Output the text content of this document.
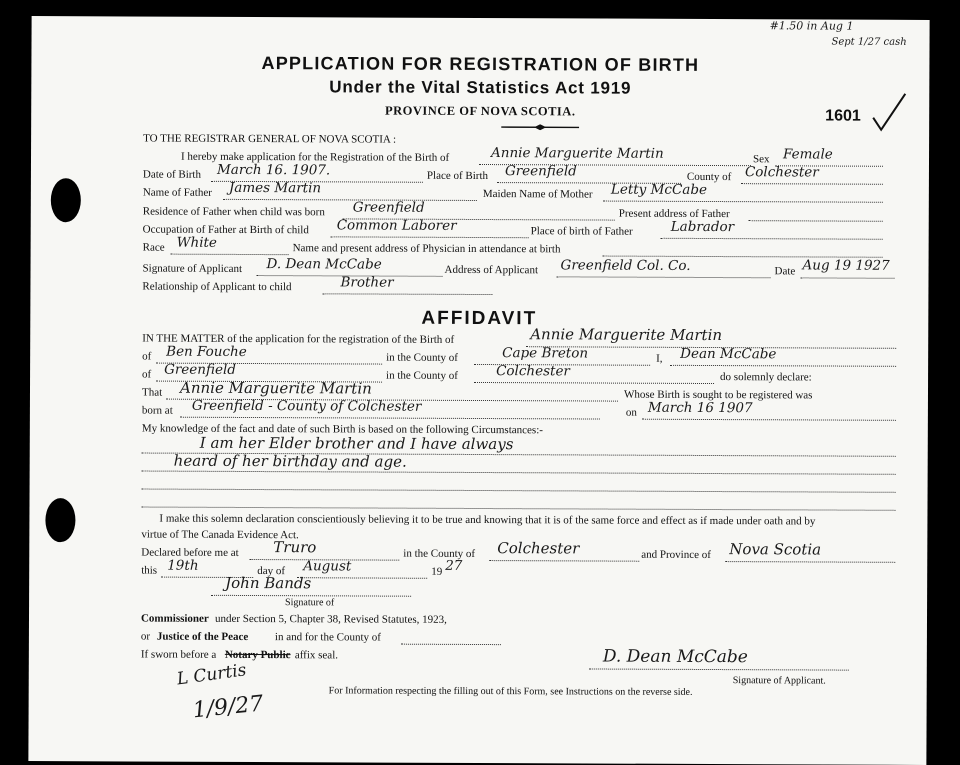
#1.50 in Aug 1
Sept 1/27 cash
APPLICATION FOR REGISTRATION OF BIRTH
Under the Vital Statistics Act 1919
PROVINCE OF NOVA SCOTIA.	1601
TO THE REGISTRAR GENERAL OF NOVA SCOTIA :
I hereby make application for the Registration of the Birth of	Annie Marguerite Martin	Sex Female
Date of Birth March 16. 1907.	Place of Birth Greenfield	County of Colchester
Name of Father James Martin	Maiden Name of Mother Letty McCabe
Residence of Father when child was born Greenfield	Present address of Father
Occupation of Father at Birth of child Common Laborer	Place of birth of Father	Labrador
Race White	Name and present address of Physician in attendance at birth
Signature of Applicant D. Dean McCabe	Address of Applicant Greenfield Col. Co.	Date Aug 19 1927
Relationship of Applicant to child	Brother
AFFIDAVIT
IN THE MATTER of the application for the registration of the Birth of	Annie Marguerite Martin
of Ben Fouche	in the County of	Cape Breton	I, Dean McCabe
of Greenfield	in the County of	Colchester	do solemnly declare:
That Annie Marguerite Martin	Whose Birth is sought to be registered was
born at Greenfield - County of Colchester	on March 16 1907
My knowledge of the fact and date of such Birth is based on the following Circumstances:-
I am her Elder brother and I have always
heard of her birthday and age.
I make this solemn declaration conscientiously believing it to be true and knowing that it is of the same force and effect as if made under oath and by
virtue of The Canada Evidence Act.
Declared before me at Truro	in the County of Colchester	and Province of Nova Scotia
this 19th	day of August	19 27
John Bands
Signature of
Commissioner under Section 5, Chapter 38, Revised Statutes, 1923,
or Justice of the Peace in and for the County of
If sworn before a Notary Public affix seal.	D. Dean McCabe
Signature of Applicant.
L Curtis
1/9/27	For Information respecting the filling out of this Form, see Instructions on the reverse side.
